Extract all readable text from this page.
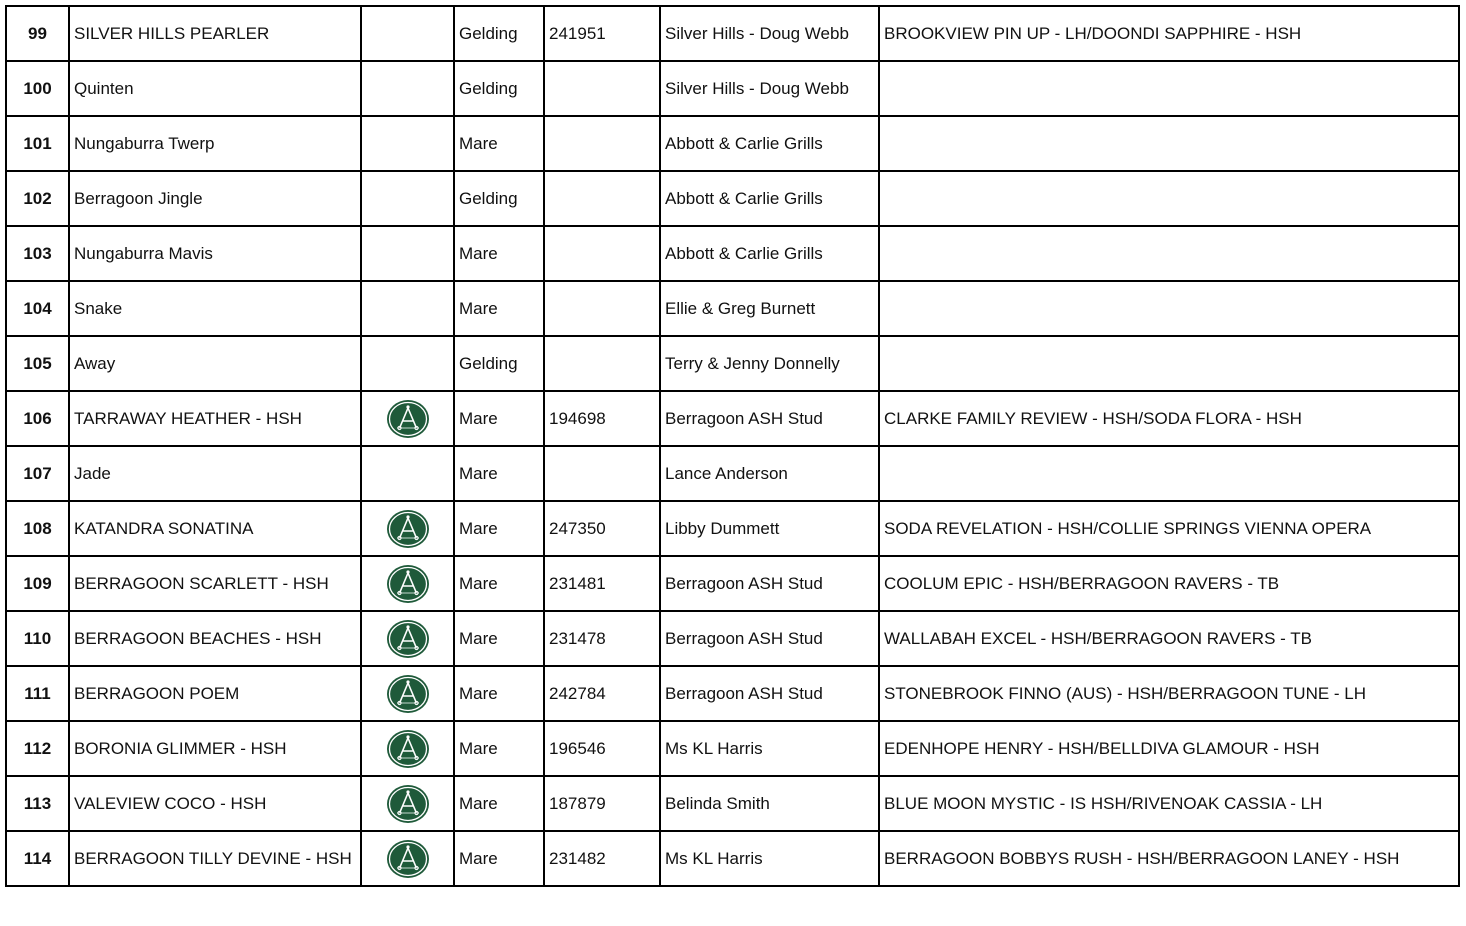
99	SILVER HILLS PEARLER		Gelding	241951	Silver Hills - Doug Webb	BROOKVIEW PIN UP - LH/DOONDI SAPPHIRE - HSH
100	Quinten		Gelding		Silver Hills - Doug Webb	
101	Nungaburra Twerp		Mare		Abbott & Carlie Grills	
102	Berragoon Jingle		Gelding		Abbott & Carlie Grills	
103	Nungaburra Mavis		Mare		Abbott & Carlie Grills	
104	Snake		Mare		Ellie & Greg Burnett	
105	Away		Gelding		Terry & Jenny Donnelly	
106	TARRAWAY HEATHER - HSH		Mare	194698	Berragoon ASH Stud	CLARKE FAMILY REVIEW - HSH/SODA FLORA - HSH
107	Jade		Mare		Lance Anderson	
108	KATANDRA SONATINA		Mare	247350	Libby Dummett	SODA REVELATION - HSH/COLLIE SPRINGS VIENNA OPERA
109	BERRAGOON SCARLETT - HSH		Mare	231481	Berragoon ASH Stud	COOLUM EPIC - HSH/BERRAGOON RAVERS - TB
110	BERRAGOON BEACHES - HSH		Mare	231478	Berragoon ASH Stud	WALLABAH EXCEL - HSH/BERRAGOON RAVERS - TB
111	BERRAGOON POEM		Mare	242784	Berragoon ASH Stud	STONEBROOK FINNO (AUS) - HSH/BERRAGOON TUNE - LH
112	BORONIA GLIMMER - HSH		Mare	196546	Ms KL Harris	EDENHOPE HENRY - HSH/BELLDIVA GLAMOUR - HSH
113	VALEVIEW COCO - HSH		Mare	187879	Belinda Smith	BLUE MOON MYSTIC - IS HSH/RIVENOAK CASSIA - LH
114	BERRAGOON TILLY DEVINE - HSH		Mare	231482	Ms KL Harris	BERRAGOON BOBBYS RUSH - HSH/BERRAGOON LANEY - HSH
